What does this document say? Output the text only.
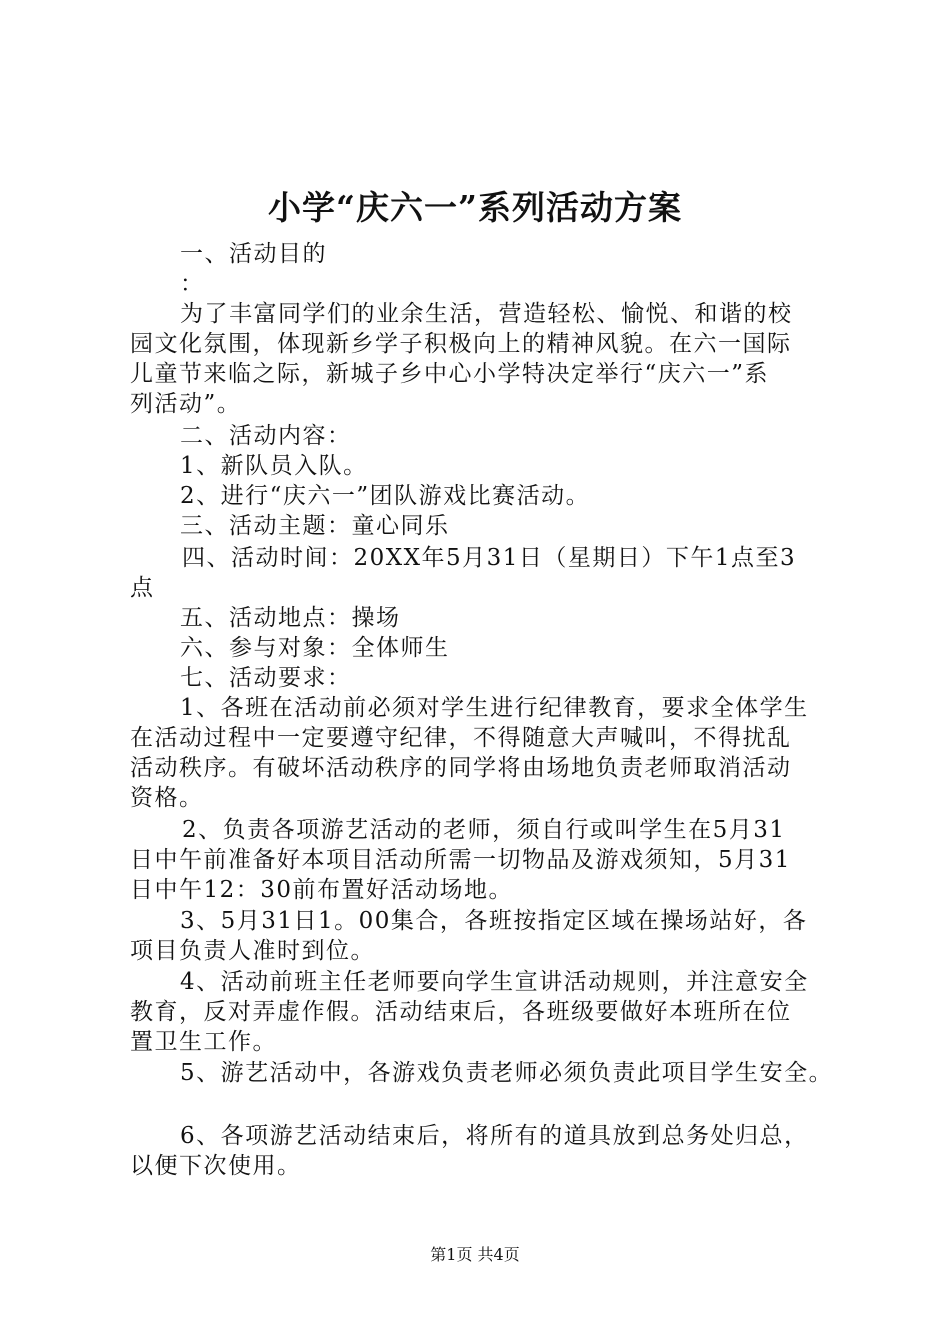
小学“庆六一”系列活动方案
一、活动目的
：
为了丰富同学们的业余生活，营造轻松、愉悦、和谐的校
园文化氛围，体现新乡学子积极向上的精神风貌。在六一国际
儿童节来临之际，新城子乡中心小学特决定举行“庆六一”系
列活动”。
二、活动内容：
1、新队员入队。
2、进行“庆六一”团队游戏比赛活动。
三、活动主题：童心同乐
四、活动时间：20XX年5月31日（星期日）下午1点至3
点
五、活动地点：操场
六、参与对象：全体师生
七、活动要求：
1、各班在活动前必须对学生进行纪律教育，要求全体学生
在活动过程中一定要遵守纪律，不得随意大声喊叫，不得扰乱
活动秩序。有破坏活动秩序的同学将由场地负责老师取消活动
资格。
2、负责各项游艺活动的老师，须自行或叫学生在5月31
日中午前准备好本项目活动所需一切物品及游戏须知，5月31
日中午12：30前布置好活动场地。
3、5月31日1。00集合，各班按指定区域在操场站好，各
项目负责人准时到位。
4、活动前班主任老师要向学生宣讲活动规则，并注意安全
教育，反对弄虚作假。活动结束后，各班级要做好本班所在位
置卫生工作。
5、游艺活动中，各游戏负责老师必须负责此项目学生安全。
6、各项游艺活动结束后，将所有的道具放到总务处归总，
以便下次使用。
第1页 共4页
